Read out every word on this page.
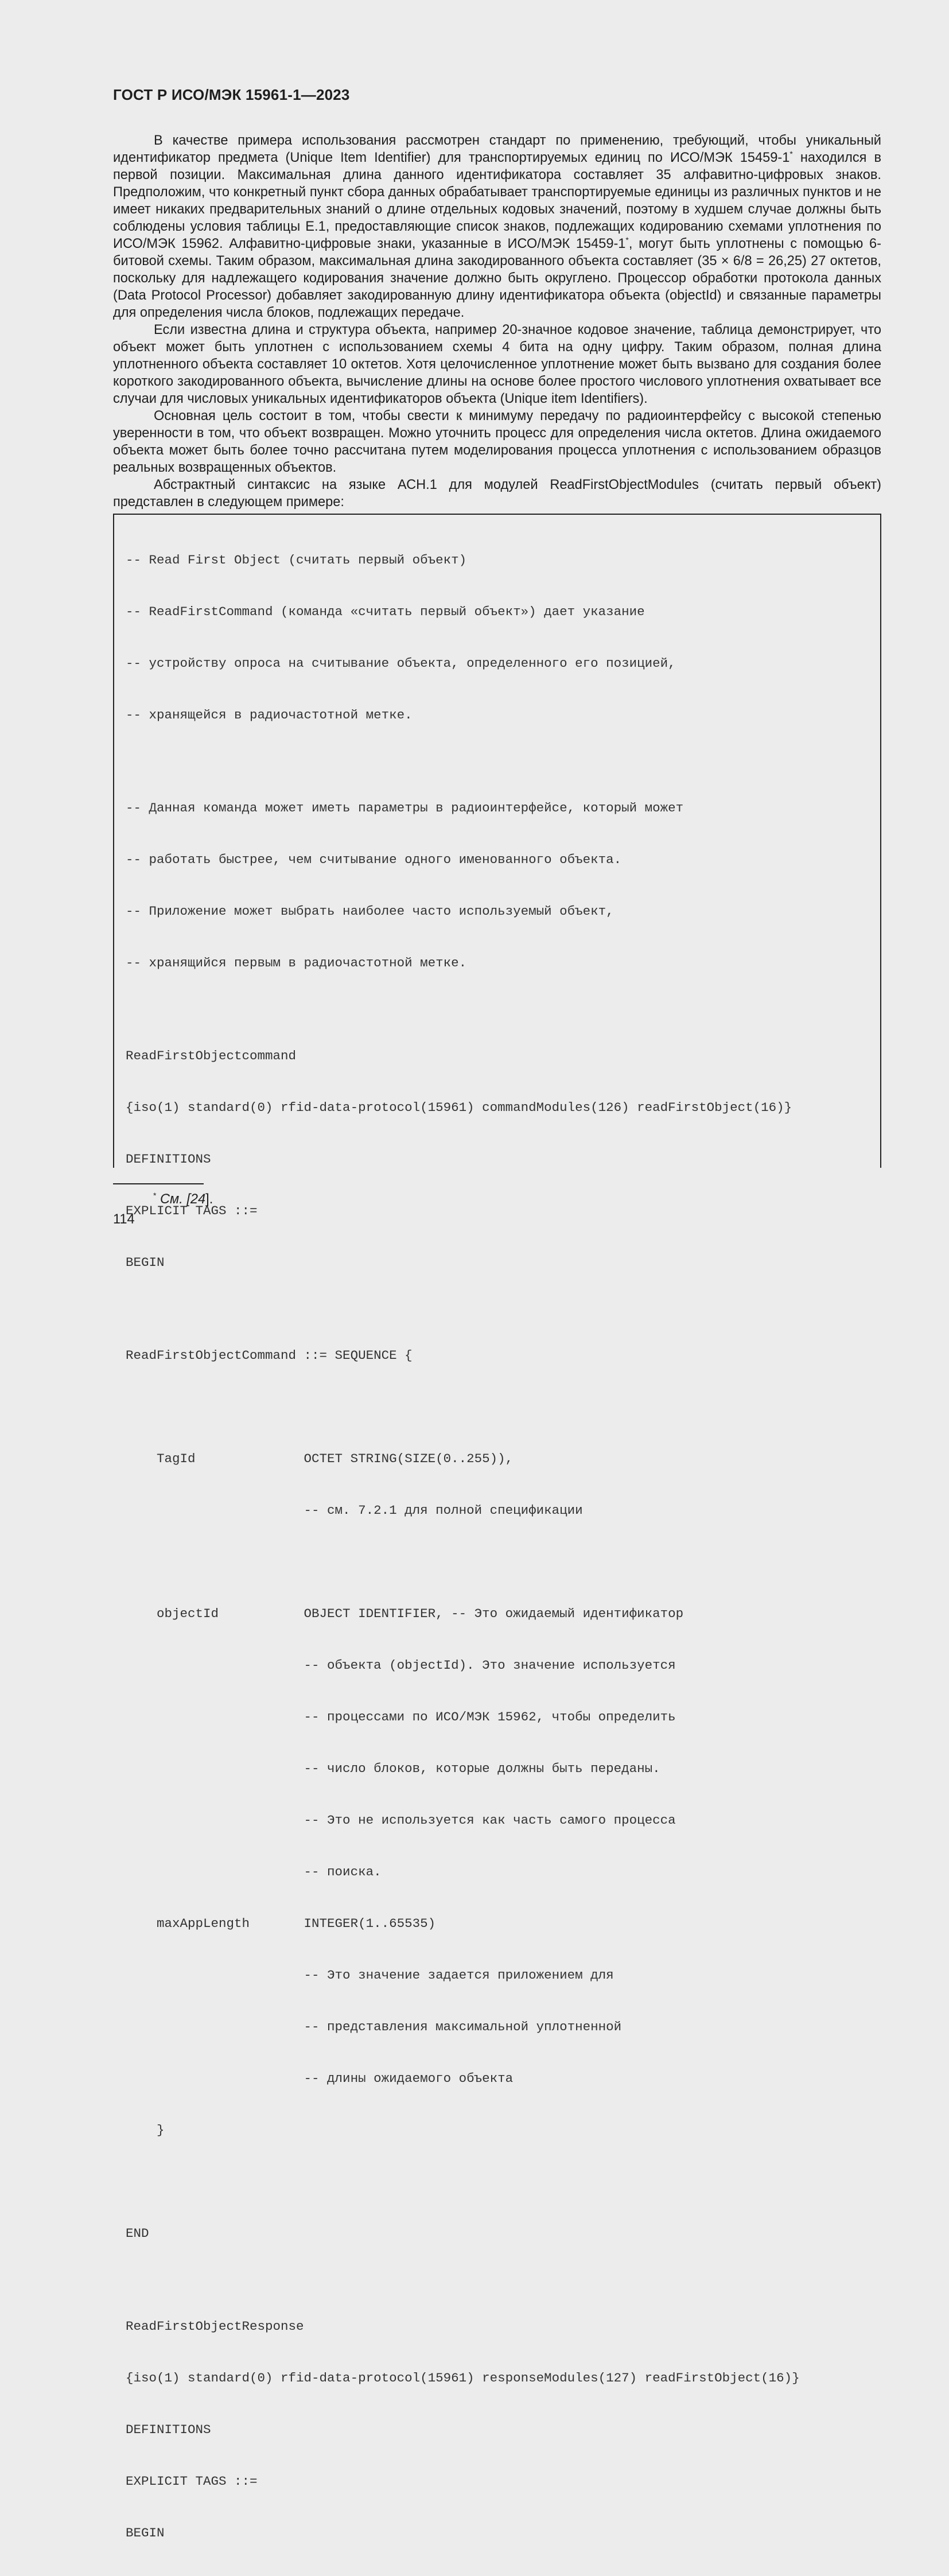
ГОСТ Р ИСО/МЭК 15961-1—2023

В качестве примера использования рассмотрен стандарт по применению, требующий, чтобы уникальный идентификатор предмета (Unique Item Identifier) для транспортируемых единиц по ИСО/МЭК 15459-1* находился в первой позиции. Максимальная длина данного идентификатора составляет 35 алфавитно-цифровых знаков. Предположим, что конкретный пункт сбора данных обрабатывает транспортируемые единицы из различных пунктов и не имеет никаких предварительных знаний о длине отдельных кодовых значений, поэтому в худшем случае должны быть соблюдены условия таблицы Е.1, предоставляющие список знаков, подлежащих кодированию схемами уплотнения по ИСО/МЭК 15962. Алфавитно-цифровые знаки, указанные в ИСО/МЭК 15459-1*, могут быть уплотнены с помощью 6-битовой схемы. Таким образом, максимальная длина закодированного объекта составляет (35 × 6/8 = 26,25) 27 октетов, поскольку для надлежащего кодирования значение должно быть округлено. Процессор обработки протокола данных (Data Protocol Processor) добавляет закодированную длину идентификатора объекта (objectId) и связанные параметры для определения числа блоков, подлежащих передаче.

Если известна длина и структура объекта, например 20-значное кодовое значение, таблица демонстрирует, что объект может быть уплотнен с использованием схемы 4 бита на одну цифру. Таким образом, полная длина уплотненного объекта составляет 10 октетов. Хотя целочисленное уплотнение может быть вызвано для создания более короткого закодированного объекта, вычисление длины на основе более простого числового уплотнения охватывает все случаи для числовых уникальных идентификаторов объекта (Unique item Identifiers).

Основная цель состоит в том, чтобы свести к минимуму передачу по радиоинтерфейсу с высокой степенью уверенности в том, что объект возвращен. Можно уточнить процесс для определения числа октетов. Длина ожидаемого объекта может быть более точно рассчитана путем моделирования процесса уплотнения с использованием образцов реальных возвращенных объектов.

Абстрактный синтаксис на языке АСН.1 для модулей ReadFirstObjectModules (считать первый объект) представлен в следующем примере:

-- Read First Object (считать первый объект)

-- ReadFirstCommand (команда «считать первый объект») дает указание

-- устройству опроса на считывание объекта, определенного его позицией,

-- хранящейся в радиочастотной метке.

-- Данная команда может иметь параметры в радиоинтерфейсе, который может

-- работать быстрее, чем считывание одного именованного объекта.

-- Приложение может выбрать наиболее часто используемый объект,

-- хранящийся первым в радиочастотной метке.

ReadFirstObjectcommand

{iso(1) standard(0) rfid-data-protocol(15961) commandModules(126) readFirstObject(16)}

DEFINITIONS

EXPLICIT TAGS ::=

BEGIN

ReadFirstObjectCommand ::= SEQUENCE {

TagId              OCTET STRING(SIZE(0..255)),

-- см. 7.2.1 для полной спецификации

objectId           OBJECT IDENTIFIER, -- Это ожидаемый идентификатор

-- объекта (objectId). Это значение используется

-- процессами по ИСО/МЭК 15962, чтобы определить

-- число блоков, которые должны быть переданы.

-- Это не используется как часть самого процесса

-- поиска.

maxAppLength       INTEGER(1..65535)

-- Это значение задается приложением для

-- представления максимальной уплотненной

-- длины ожидаемого объекта

}

END

ReadFirstObjectResponse

{iso(1) standard(0) rfid-data-protocol(15961) responseModules(127) readFirstObject(16)}

DEFINITIONS

EXPLICIT TAGS ::=

BEGIN

* См. [24].
114
